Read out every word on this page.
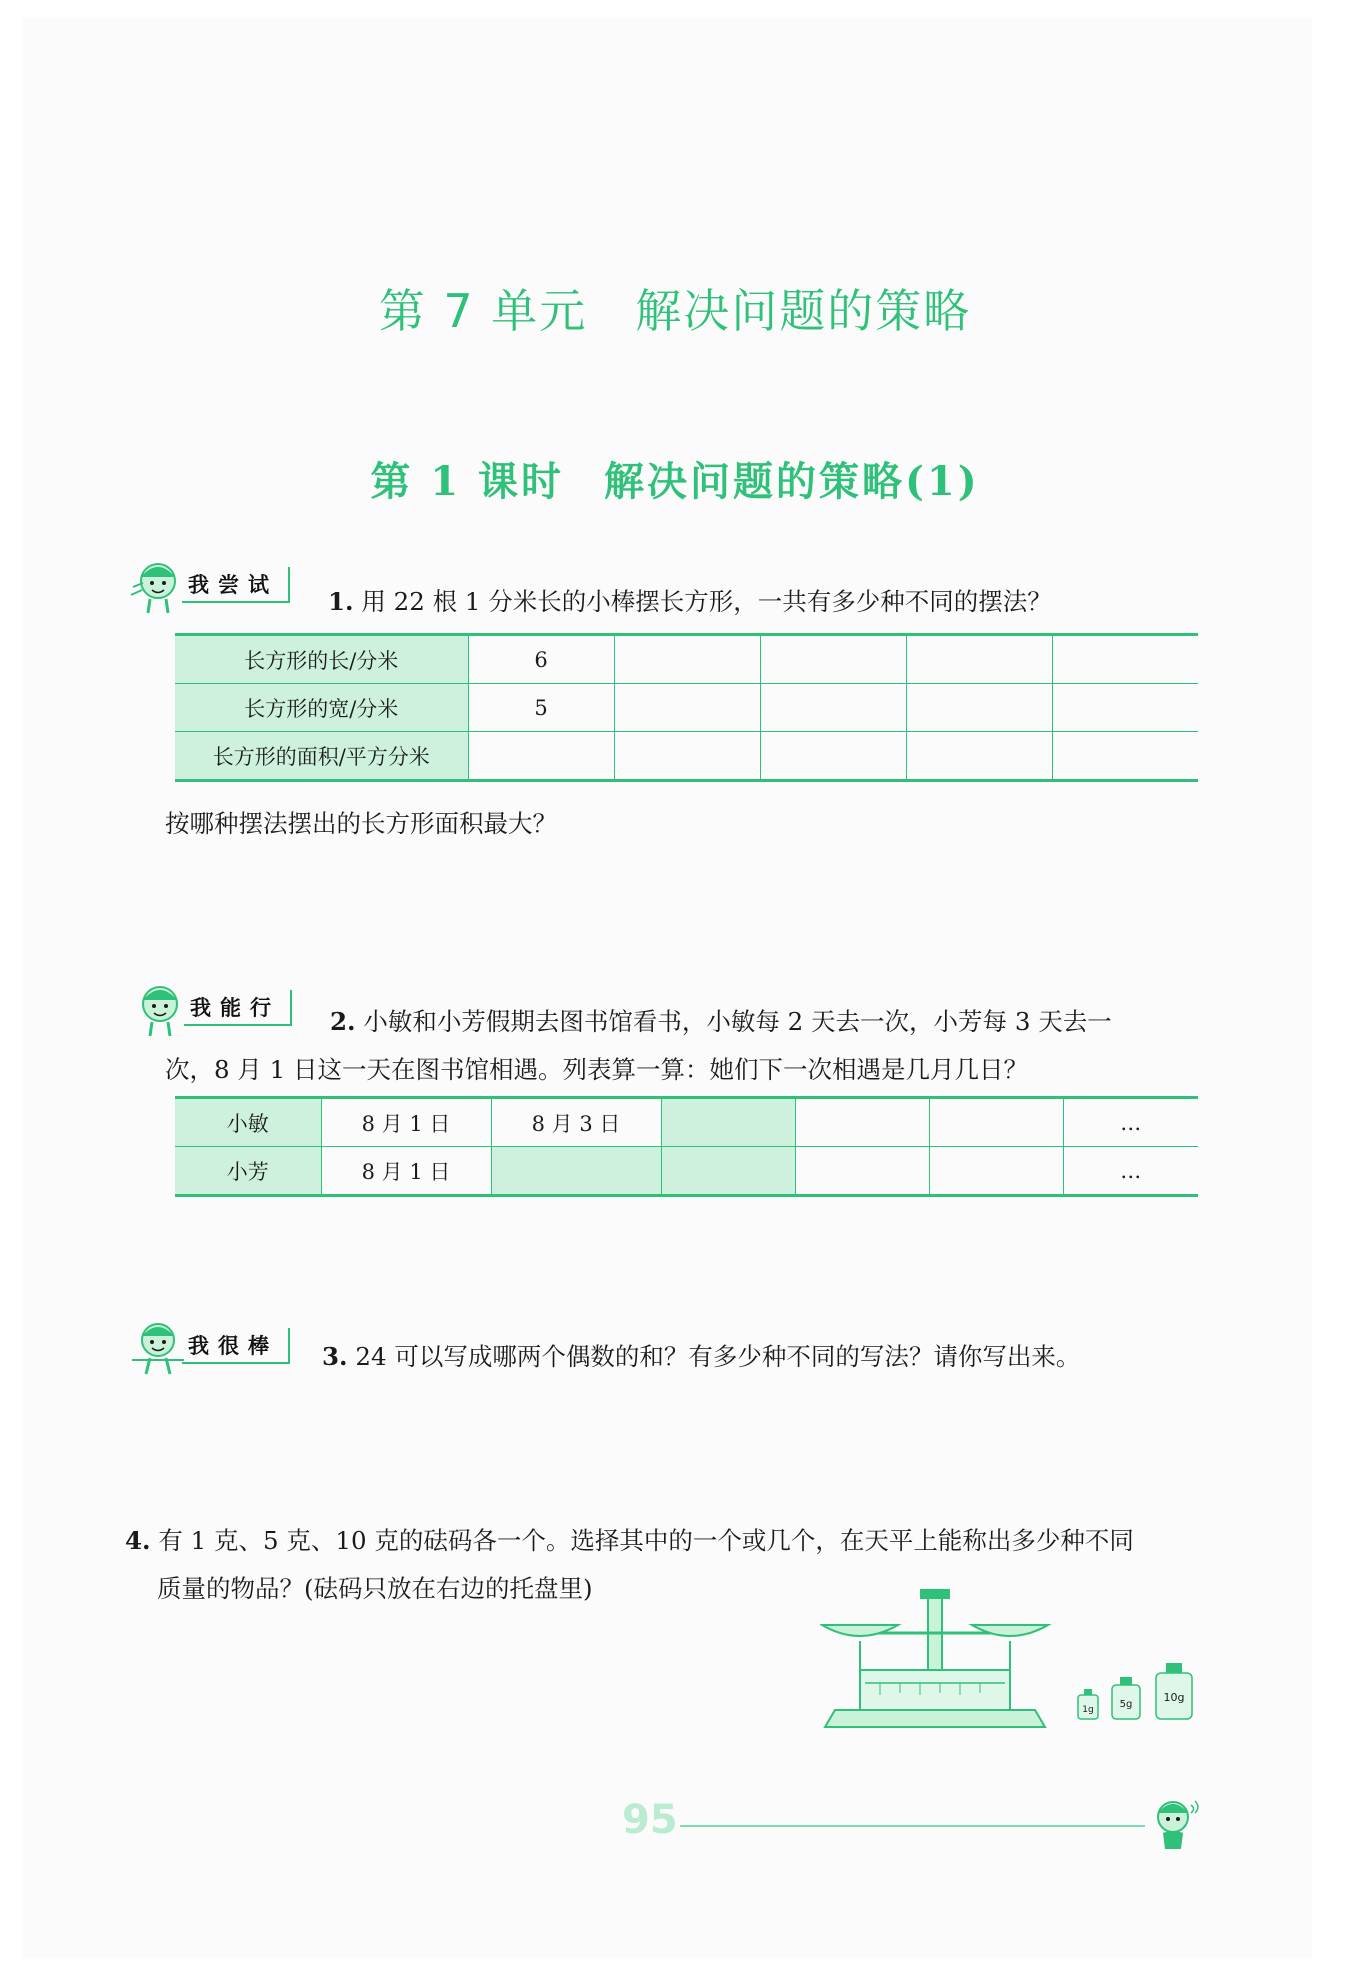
第 7 单元 解决问题的策略
第 1 课时 解决问题的策略(1)
我尝试
1. 用 22 根 1 分米长的小棒摆长方形，一共有多少种不同的摆法？
长方形的长/分米	6				
长方形的宽/分米	5				
长方形的面积/平方分米					
按哪种摆法摆出的长方形面积最大？
我能行	2. 小敏和小芳假期去图书馆看书，小敏每 2 天去一次，小芳每 3 天去一
次，8 月 1 日这一天在图书馆相遇。列表算一算：她们下一次相遇是几月几日？
小敏	8 月 1 日	8 月 3 日				…
小芳	8 月 1 日					…
我很棒	3. 24 可以写成哪两个偶数的和？有多少种不同的写法？请你写出来。
4. 有 1 克、5 克、10 克的砝码各一个。选择其中的一个或几个，在天平上能称出多少种不同
质量的物品？(砝码只放在右边的托盘里)
1g	5g
10g
95
